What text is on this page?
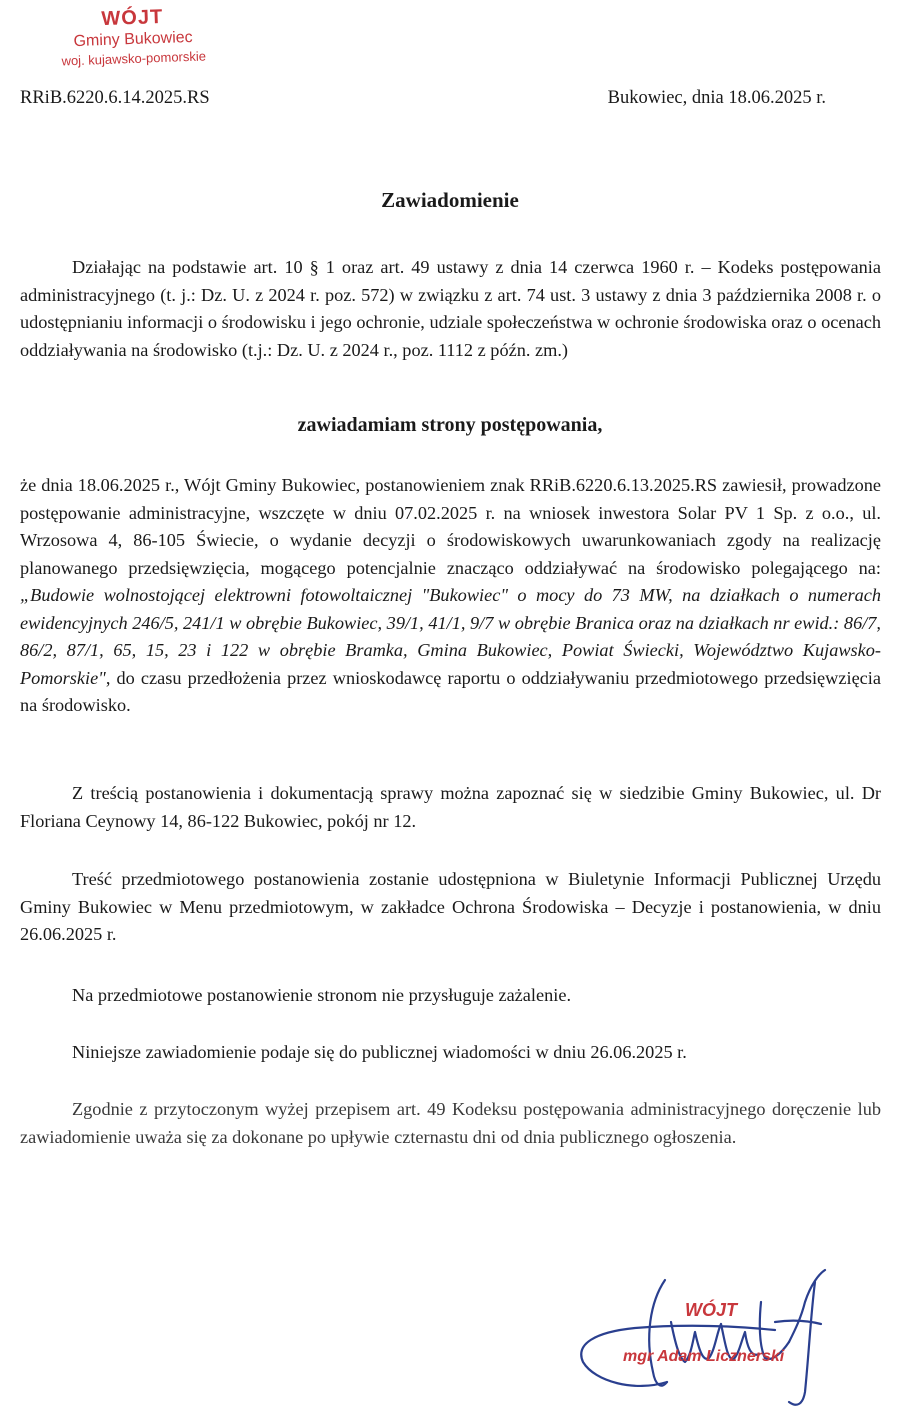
WÓJT
Gminy Bukowiec
woj. kujawsko-pomorskie
RRiB.6220.6.14.2025.RS	Bukowiec, dnia 18.06.2025 r.
Zawiadomienie

Działając na podstawie art. 10 § 1 oraz art. 49 ustawy z dnia 14 czerwca 1960 r. – Kodeks postępowania administracyjnego (t. j.: Dz. U. z 2024 r. poz. 572) w związku z art. 74 ust. 3 ustawy z dnia 3 października 2008 r. o udostępnianiu informacji o środowisku i jego ochronie, udziale społeczeństwa w ochronie środowiska oraz o ocenach oddziaływania na środowisko (t.j.: Dz. U. z 2024 r., poz. 1112 z późn. zm.)

zawiadamiam strony postępowania,

że dnia 18.06.2025 r., Wójt Gminy Bukowiec, postanowieniem znak RRiB.6220.6.13.2025.RS zawiesił, prowadzone postępowanie administracyjne, wszczęte w dniu 07.02.2025 r. na wniosek inwestora Solar PV 1 Sp. z o.o., ul. Wrzosowa 4, 86-105 Świecie, o wydanie decyzji o środowiskowych uwarunkowaniach zgody na realizację planowanego przedsięwzięcia, mogącego potencjalnie znacząco oddziaływać na środowisko polegającego na: „Budowie wolnostojącej elektrowni fotowoltaicznej "Bukowiec" o mocy do 73 MW, na działkach o numerach ewidencyjnych 246/5, 241/1 w obrębie Bukowiec, 39/1, 41/1, 9/7 w obrębie Branica oraz na działkach nr ewid.: 86/7, 86/2, 87/1, 65, 15, 23 i 122 w obrębie Bramka, Gmina Bukowiec, Powiat Świecki, Województwo Kujawsko-Pomorskie", do czasu przedłożenia przez wnioskodawcę raportu o oddziaływaniu przedmiotowego przedsięwzięcia na środowisko.

Z treścią postanowienia i dokumentacją sprawy można zapoznać się w siedzibie Gminy Bukowiec, ul. Dr Floriana Ceynowy 14, 86-122 Bukowiec, pokój nr 12.

Treść przedmiotowego postanowienia zostanie udostępniona w Biuletynie Informacji Publicznej Urzędu Gminy Bukowiec w Menu przedmiotowym, w zakładce Ochrona Środowiska – Decyzje i postanowienia, w dniu 26.06.2025 r.

Na przedmiotowe postanowienie stronom nie przysługuje zażalenie.

Niniejsze zawiadomienie podaje się do publicznej wiadomości w dniu 26.06.2025 r.

Zgodnie z przytoczonym wyżej przepisem art. 49 Kodeksu postępowania administracyjnego doręczenie lub zawiadomienie uważa się za dokonane po upływie czternastu dni od dnia publicznego ogłoszenia.

WÓJT
mgr Adam Licznerski
